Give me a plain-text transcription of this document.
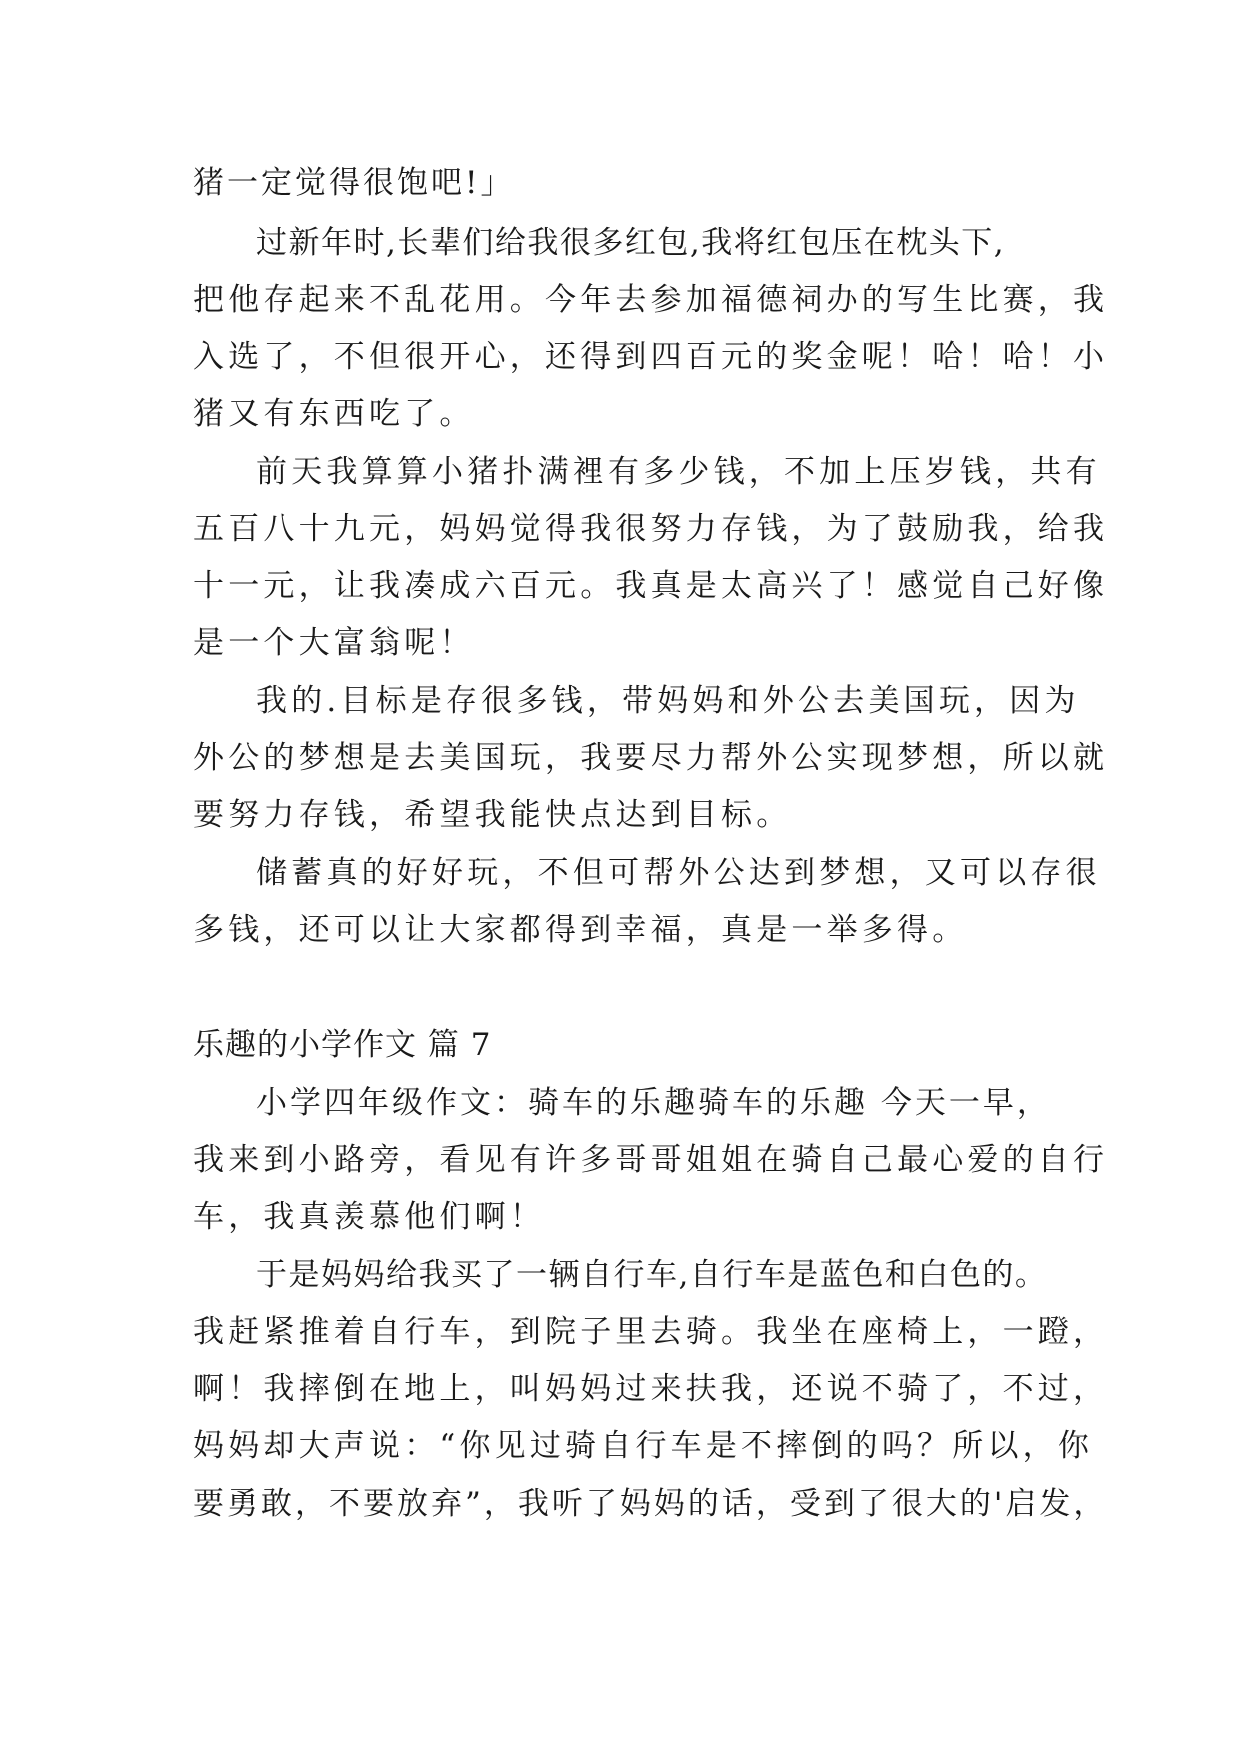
猪一定觉得很饱吧!」
过新年时,长辈们给我很多红包,我将红包压在枕头下,
把他存起来不乱花用。今年去参加福德祠办的写生比赛，我
入选了，不但很开心，还得到四百元的奖金呢！哈！哈！小
猪又有东西吃了。
前天我算算小猪扑满裡有多少钱，不加上压岁钱，共有
五百八十九元，妈妈觉得我很努力存钱，为了鼓励我，给我
十一元，让我凑成六百元。我真是太高兴了！感觉自己好像
是一个大富翁呢！
我的.目标是存很多钱，带妈妈和外公去美国玩，因为
外公的梦想是去美国玩，我要尽力帮外公实现梦想，所以就
要努力存钱，希望我能快点达到目标。
储蓄真的好好玩，不但可帮外公达到梦想，又可以存很
多钱，还可以让大家都得到幸福，真是一举多得。
乐趣的小学作文 篇 7
小学四年级作文：骑车的乐趣骑车的乐趣 今天一早，
我来到小路旁，看见有许多哥哥姐姐在骑自己最心爱的自行
车，我真羡慕他们啊！
于是妈妈给我买了一辆自行车,自行车是蓝色和白色的。
我赶紧推着自行车，到院子里去骑。我坐在座椅上，一蹬，
啊！我摔倒在地上，叫妈妈过来扶我，还说不骑了，不过，
妈妈却大声说：“你见过骑自行车是不摔倒的吗？所以，你
要勇敢，不要放弃”，我听了妈妈的话，受到了很大的'启发，
